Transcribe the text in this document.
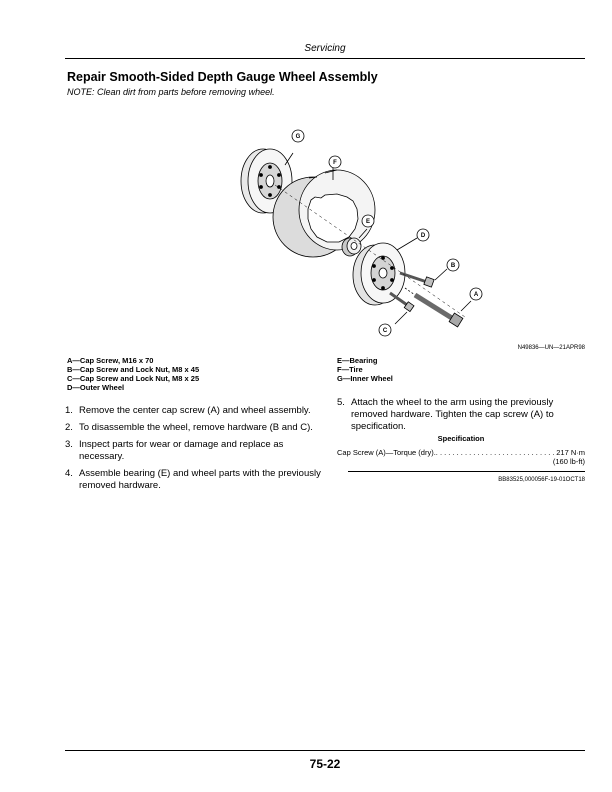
Servicing
Repair Smooth-Sided Depth Gauge Wheel Assembly
NOTE: Clean dirt from parts before removing wheel.
G
F
E
D
B
A
C
N49836—UN—21APR98
A—Cap Screw, M16 x 70
B—Cap Screw and Lock Nut, M8 x 45
C—Cap Screw and Lock Nut, M8 x 25
D—Outer Wheel
E—Bearing
F—Tire
G—Inner Wheel
1. Remove the center cap screw (A) and wheel assembly.
2. To disassemble the wheel, remove hardware (B and C).
3. Inspect parts for wear or damage and replace as necessary.
4. Assemble bearing (E) and wheel parts with the previously removed hardware.
5. Attach the wheel to the arm using the previously removed hardware. Tighten the cap screw (A) to specification.
Specification
Cap Screw (A)—Torque (dry).
. . .	217 N·m
(160 lb-ft)
BB83525,000056F-19-01OCT18
75-22
